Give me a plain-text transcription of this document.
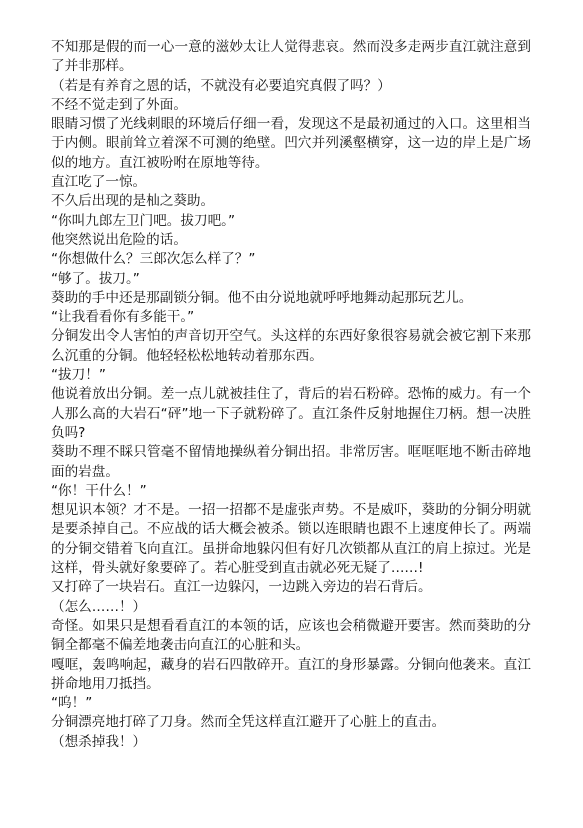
不知那是假的而一心一意的滋妙太让人觉得悲哀。然而没多走两步直江就注意到了并非那样。

（若是有养育之恩的话，不就没有必要追究真假了吗？）

不经不觉走到了外面。

眼睛习惯了光线刺眼的环境后仔细一看，发现这不是最初通过的入口。这里相当于内侧。眼前耸立着深不可测的绝壁。凹穴并列溪壑横穿，这一边的岸上是广场似的地方。直江被吩咐在原地等待。

直江吃了一惊。

不久后出现的是杣之葵助。

“你叫九郎左卫门吧。拔刀吧。”

他突然说出危险的话。

“你想做什么？三郎次怎么样了？”

“够了。拔刀。”

葵助的手中还是那副锁分铜。他不由分说地就呼呼地舞动起那玩艺儿。

“让我看看你有多能干。”

分铜发出令人害怕的声音切开空气。头这样的东西好象很容易就会被它割下来那么沉重的分铜。他轻轻松松地转动着那东西。

“拔刀！”

他说着放出分铜。差一点儿就被挂住了，背后的岩石粉碎。恐怖的威力。有一个人那么高的大岩石“砰”地一下子就粉碎了。直江条件反射地握住刀柄。想一决胜负吗?

葵助不理不睬只管毫不留情地操纵着分铜出招。非常厉害。哐哐哐地不断击碎地面的岩盘。

“你！干什么！”

想见识本领？才不是。一招一招都不是虚张声势。不是威吓，葵助的分铜分明就是要杀掉自己。不应战的话大概会被杀。锁以连眼睛也跟不上速度伸长了。两端的分铜交错着飞向直江。虽拼命地躲闪但有好几次锁都从直江的肩上掠过。光是这样，骨头就好象要碎了。若心脏受到直击就必死无疑了……!

又打碎了一块岩石。直江一边躲闪，一边跳入旁边的岩石背后。

（怎么……！）

奇怪。如果只是想看看直江的本领的话，应该也会稍微避开要害。然而葵助的分铜全都毫不偏差地袭击向直江的心脏和头。

嘎哐，轰鸣响起，藏身的岩石四散碎开。直江的身形暴露。分铜向他袭来。直江拼命地用刀抵挡。

“呜！”

分铜漂亮地打碎了刀身。然而全凭这样直江避开了心脏上的直击。

（想杀掉我！）
